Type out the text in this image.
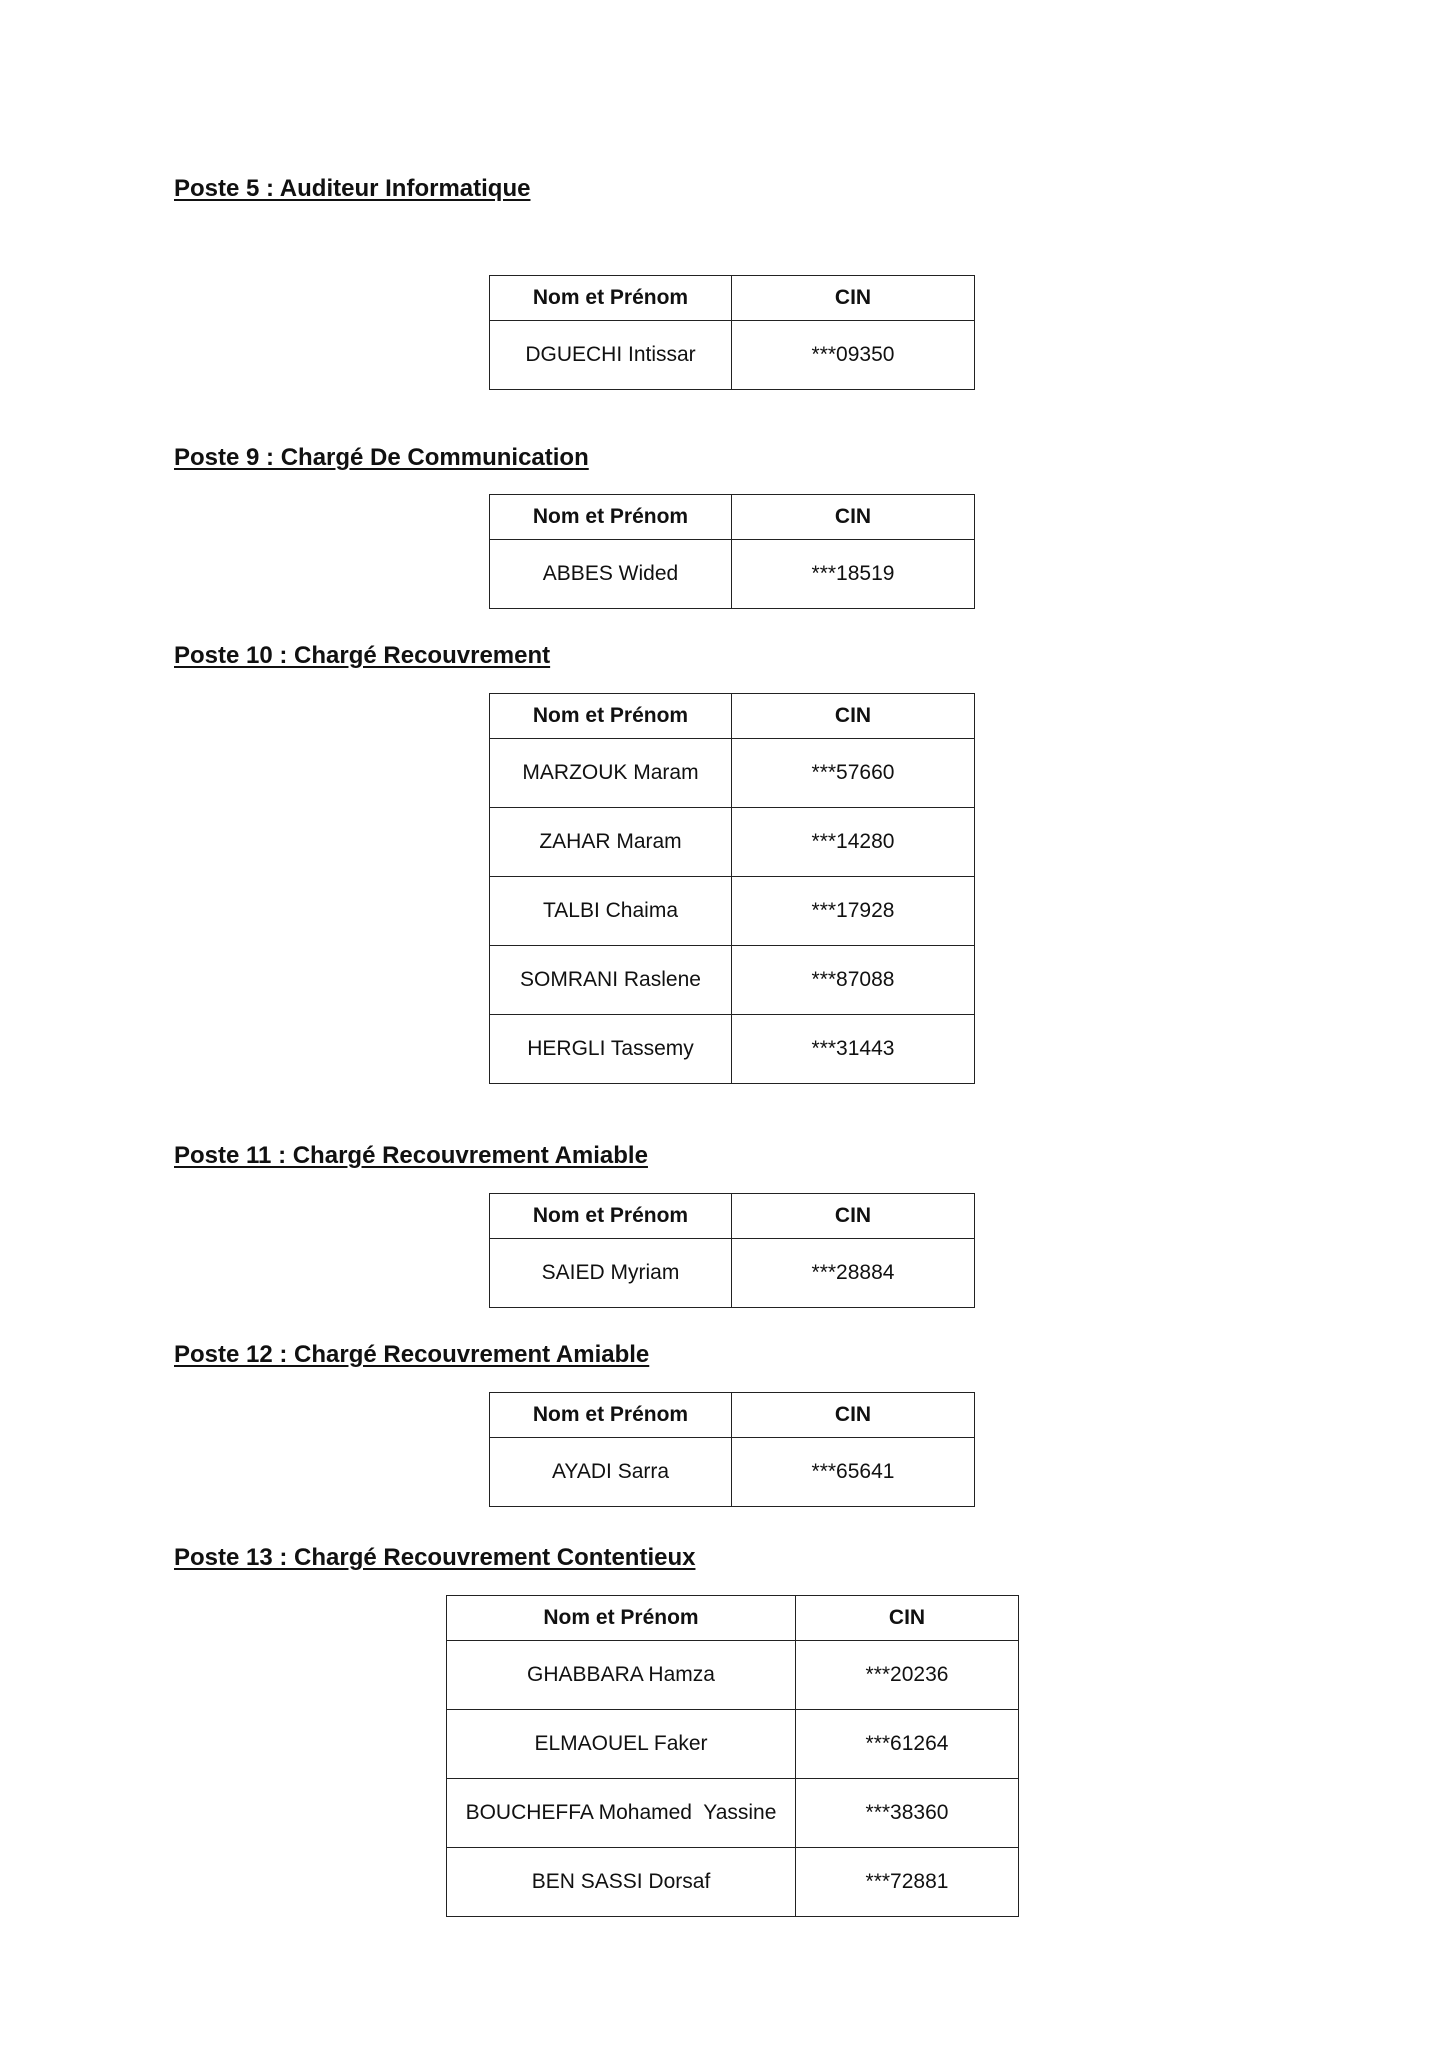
Poste 5 : Auditeur Informatique
Nom et Prénom	CIN
DGUECHI Intissar	***09350
Poste 9 : Chargé De Communication
Nom et Prénom	CIN
ABBES Wided	***18519
Poste 10 : Chargé Recouvrement
Nom et Prénom	CIN
MARZOUK Maram	***57660
ZAHAR Maram	***14280
TALBI Chaima	***17928
SOMRANI Raslene	***87088
HERGLI Tassemy	***31443
Poste 11 : Chargé Recouvrement Amiable
Nom et Prénom	CIN
SAIED Myriam	***28884
Poste 12 : Chargé Recouvrement Amiable
Nom et Prénom	CIN
AYADI Sarra	***65641
Poste 13 : Chargé Recouvrement Contentieux
Nom et Prénom	CIN
GHABBARA Hamza	***20236
ELMAOUEL Faker	***61264
BOUCHEFFA Mohamed  Yassine	***38360
BEN SASSI Dorsaf	***72881
